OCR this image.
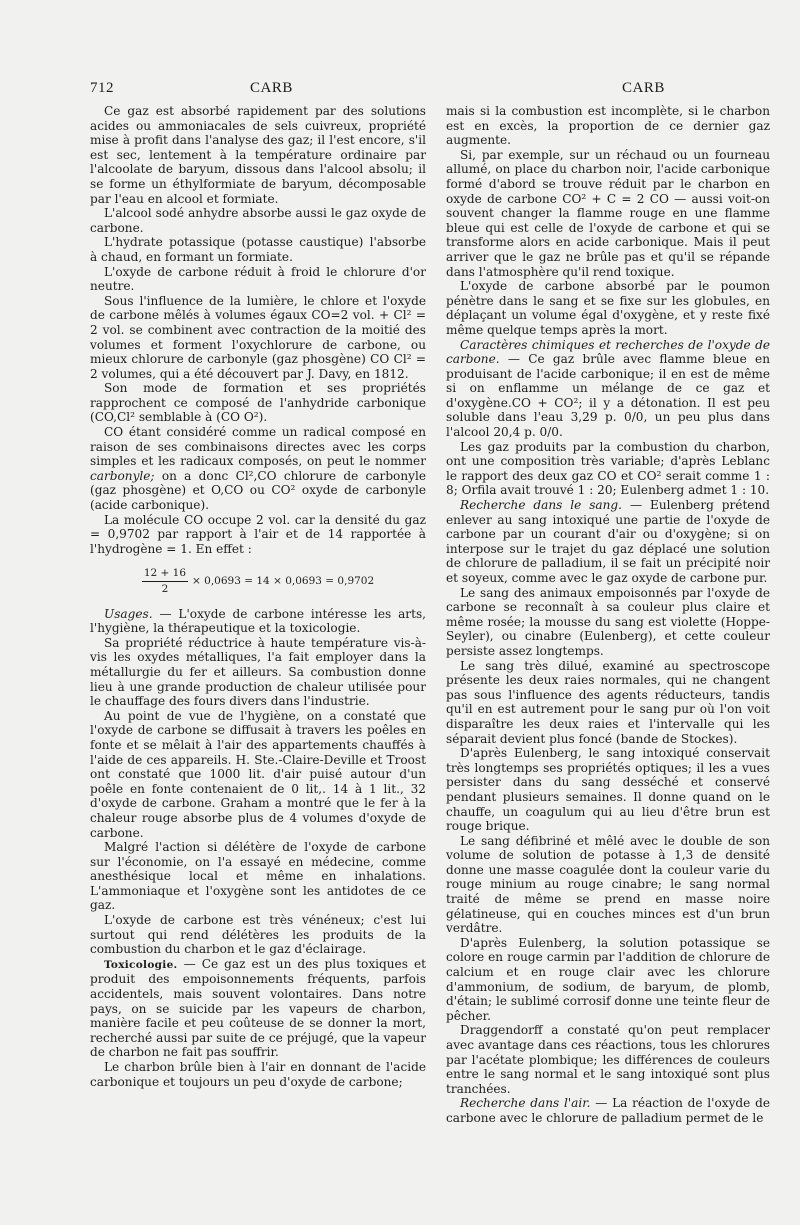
712	CARB	CARB

Ce gaz est absorbé rapidement par des solutions acides ou ammoniacales de sels cuivreux, propriété mise à profit dans l'analyse des gaz; il l'est encore, s'il est sec, lentement à la température ordinaire par l'alcoolate de baryum, dissous dans l'alcool absolu; il se forme un éthylformiate de baryum, décomposable par l'eau en alcool et formiate.

L'alcool sodé anhydre absorbe aussi le gaz oxyde de carbone.

L'hydrate potassique (potasse caustique) l'absorbe à chaud, en formant un formiate.

L'oxyde de carbone réduit à froid le chlorure d'or neutre.

Sous l'influence de la lumière, le chlore et l'oxyde de carbone mêlés à volumes égaux CO=2 vol. + Cl² = 2 vol. se combinent avec contraction de la moitié des volumes et forment l'oxychlorure de carbone, ou mieux chlorure de carbonyle (gaz phosgène) CO Cl² = 2 volumes, qui a été découvert par J. Davy, en 1812.

Son mode de formation et ses propriétés rapprochent ce composé de l'anhydride carbonique (CO,Cl² semblable à (CO O²).

CO étant considéré comme un radical composé en raison de ses combinaisons directes avec les corps simples et les radicaux composés, on peut le nommer carbonyle; on a donc Cl²,CO chlorure de carbonyle (gaz phosgène) et O,CO ou CO² oxyde de carbonyle (acide carbonique).

La molécule CO occupe 2 vol. car la densité du gaz = 0,9702 par rapport à l'air et de 14 rapportée à l'hydrogène = 1. En effet :

$\frac{12 + 16}{2} \times 0,0693 = 14 \times 0,0693 = 0,9702$

Usages. — L'oxyde de carbone intéresse les arts, l'hygiène, la thérapeutique et la toxicologie.

Sa propriété réductrice à haute température vis-à-vis les oxydes métalliques, l'a fait employer dans la métallurgie du fer et ailleurs. Sa combustion donne lieu à une grande production de chaleur utilisée pour le chauffage des fours divers dans l'industrie.

Au point de vue de l'hygiène, on a constaté que l'oxyde de carbone se diffusait à travers les poêles en fonte et se mêlait à l'air des appartements chauffés à l'aide de ces appareils. H. Ste.-Claire-Deville et Troost ont constaté que 1000 lit. d'air puisé autour d'un poêle en fonte contenaient de 0 lit,. 14 à 1 lit., 32 d'oxyde de carbone. Graham a montré que le fer à la chaleur rouge absorbe plus de 4 volumes d'oxyde de carbone.

Malgré l'action si délétère de l'oxyde de carbone sur l'économie, on l'a essayé en médecine, comme anesthésique local et même en inhalations. L'ammoniaque et l'oxygène sont les antidotes de ce gaz.

L'oxyde de carbone est très vénéneux; c'est lui surtout qui rend délétères les produits de la combustion du charbon et le gaz d'éclairage.

Toxicologie. — Ce gaz est un des plus toxiques et produit des empoisonnements fréquents, parfois accidentels, mais souvent volontaires. Dans notre pays, on se suicide par les vapeurs de charbon, manière facile et peu coûteuse de se donner la mort, recherché aussi par suite de ce préjugé, que la vapeur de charbon ne fait pas souffrir.

Le charbon brûle bien à l'air en donnant de l'acide carbonique et toujours un peu d'oxyde de carbone;

mais si la combustion est incomplète, si le charbon est en excès, la proportion de ce dernier gaz augmente.

Si, par exemple, sur un réchaud ou un fourneau allumé, on place du charbon noir, l'acide carbonique formé d'abord se trouve réduit par le charbon en oxyde de carbone CO² + C = 2 CO — aussi voit-on souvent changer la flamme rouge en une flamme bleue qui est celle de l'oxyde de carbone et qui se transforme alors en acide carbonique. Mais il peut arriver que le gaz ne brûle pas et qu'il se répande dans l'atmosphère qu'il rend toxique.

L'oxyde de carbone absorbé par le poumon pénètre dans le sang et se fixe sur les globules, en déplaçant un volume égal d'oxygène, et y reste fixé même quelque temps après la mort.

Caractères chimiques et recherches de l'oxyde de carbone. — Ce gaz brûle avec flamme bleue en produisant de l'acide carbonique; il en est de même si on enflamme un mélange de ce gaz et d'oxygène.CO + CO²; il y a détonation. Il est peu soluble dans l'eau 3,29 p. 0/0, un peu plus dans l'alcool 20,4 p. 0/0.

Les gaz produits par la combustion du charbon, ont une composition très variable; d'après Leblanc le rapport des deux gaz CO et CO² serait comme 1 : 8; Orfila avait trouvé 1 : 20; Eulenberg admet 1 : 10.

Recherche dans le sang. — Eulenberg prétend enlever au sang intoxiqué une partie de l'oxyde de carbone par un courant d'air ou d'oxygène; si on interpose sur le trajet du gaz déplacé une solution de chlorure de palladium, il se fait un précipité noir et soyeux, comme avec le gaz oxyde de carbone pur.

Le sang des animaux empoisonnés par l'oxyde de carbone se reconnaît à sa couleur plus claire et même rosée; la mousse du sang est violette (Hoppe-Seyler), ou cinabre (Eulenberg), et cette couleur persiste assez longtemps.

Le sang très dilué, examiné au spectroscope présente les deux raies normales, qui ne changent pas sous l'influence des agents réducteurs, tandis qu'il en est autrement pour le sang pur où l'on voit disparaître les deux raies et l'intervalle qui les séparait devient plus foncé (bande de Stockes).

D'après Eulenberg, le sang intoxiqué conservait très longtemps ses propriétés optiques; il les a vues persister dans du sang desséché et conservé pendant plusieurs semaines. Il donne quand on le chauffe, un coagulum qui au lieu d'être brun est rouge brique.

Le sang défibriné et mêlé avec le double de son volume de solution de potasse à 1,3 de densité donne une masse coagulée dont la couleur varie du rouge minium au rouge cinabre; le sang normal traité de même se prend en masse noire gélatineuse, qui en couches minces est d'un brun verdâtre.

D'après Eulenberg, la solution potassique se colore en rouge carmin par l'addition de chlorure de calcium et en rouge clair avec les chlorure d'ammonium, de sodium, de baryum, de plomb, d'étain; le sublimé corrosif donne une teinte fleur de pêcher.

Draggendorff a constaté qu'on peut remplacer avec avantage dans ces réactions, tous les chlorures par l'acétate plombique; les différences de couleurs entre le sang normal et le sang intoxiqué sont plus tranchées.

Recherche dans l'air. — La réaction de l'oxyde de carbone avec le chlorure de palladium permet de le
